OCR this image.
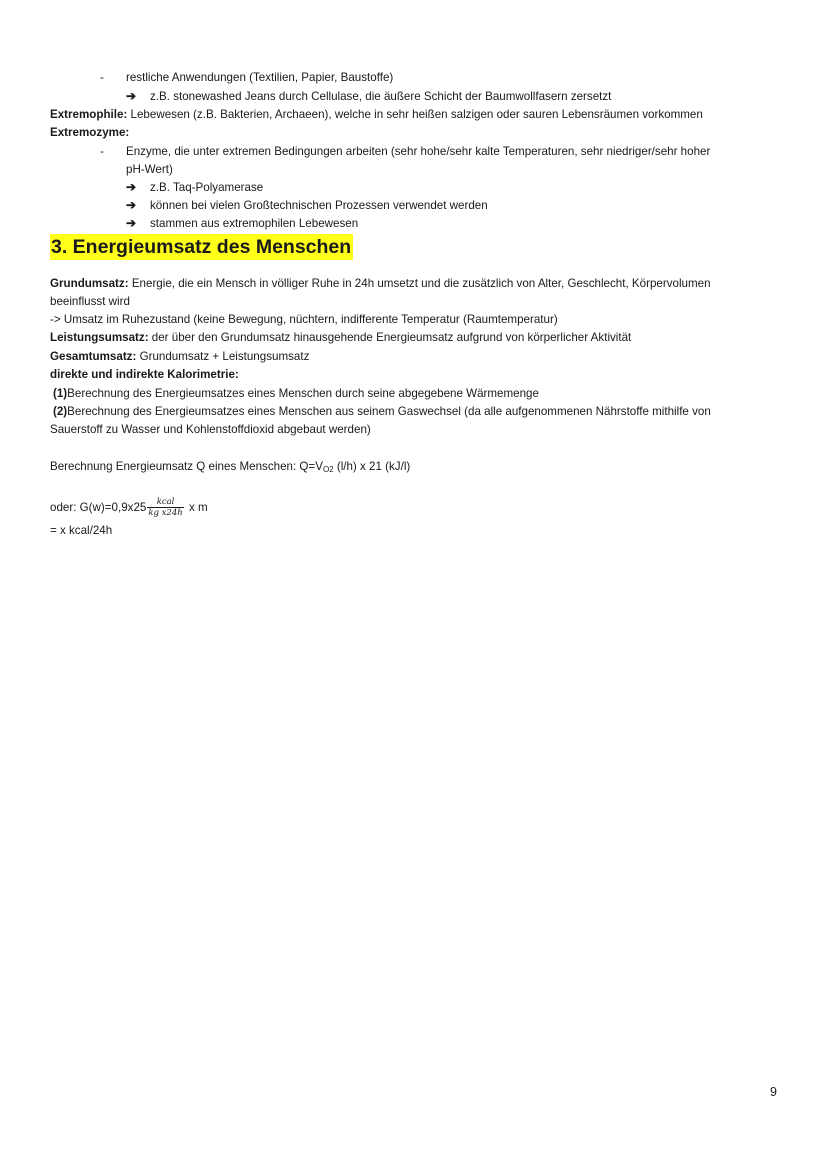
- restliche Anwendungen (Textilien, Papier, Baustoffe)
➔ z.B. stonewashed Jeans durch Cellulase, die äußere Schicht der Baumwollfasern zersetzt
Extremophile: Lebewesen (z.B. Bakterien, Archaeen), welche in sehr heißen salzigen oder sauren Lebensräumen vorkommen
Extremozyme:
- Enzyme, die unter extremen Bedingungen arbeiten (sehr hohe/sehr kalte Temperaturen, sehr niedriger/sehr hoher
pH-Wert)
➔ z.B. Taq-Polyamerase
➔ können bei vielen Großtechnischen Prozessen verwendet werden
➔ stammen aus extremophilen Lebewesen
3. Energieumsatz des Menschen
Grundumsatz: Energie, die ein Mensch in völliger Ruhe in 24h umsetzt und die zusätzlich von Alter, Geschlecht, Körpervolumen
beeinflusst wird
-> Umsatz im Ruhezustand (keine Bewegung, nüchtern, indifferente Temperatur (Raumtemperatur)
Leistungsumsatz: der über den Grundumsatz hinausgehende Energieumsatz aufgrund von körperlicher Aktivität
Gesamtumsatz: Grundumsatz + Leistungsumsatz
direkte und indirekte Kalorimetrie:
(1)Berechnung des Energieumsatzes eines Menschen durch seine abgegebene Wärmemenge
(2)Berechnung des Energieumsatzes eines Menschen aus seinem Gaswechsel (da alle aufgenommenen Nährstoffe mithilfe von
Sauerstoff zu Wasser und Kohlenstoffdioxid abgebaut werden)
Berechnung Energieumsatz Q eines Menschen: $Q=V_{O2}$ (l/h) x 21 (kJ/l)
oder: $G(w)=0,9x25 \frac{\text{kcal}}{\text{kg x24h}}$ x m
= x kcal/24h
9
